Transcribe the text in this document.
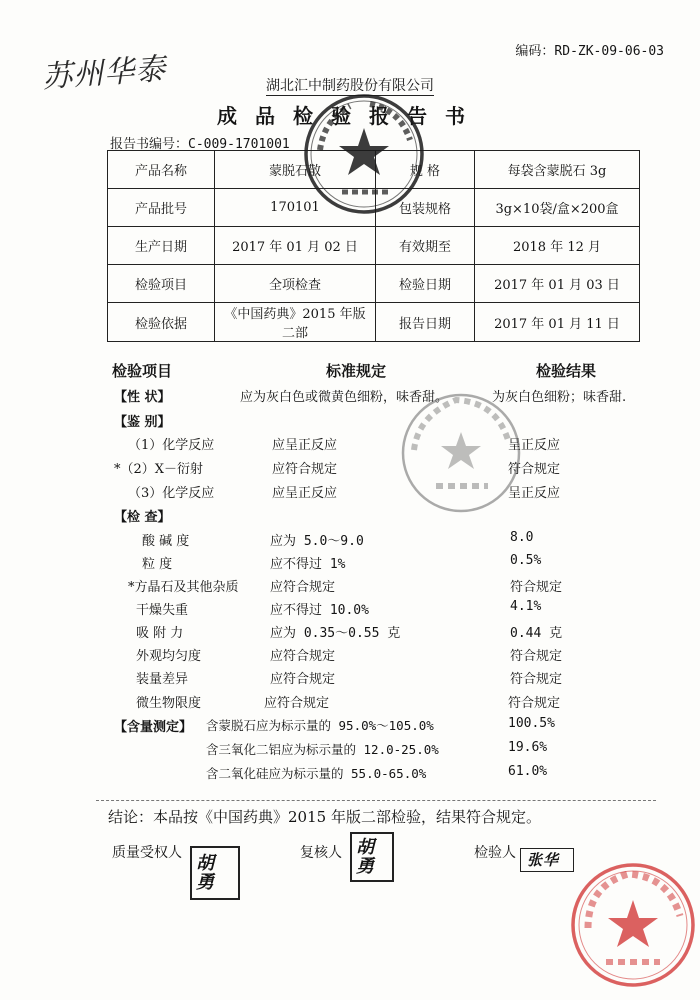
编码：RD-ZK-09-06-03
苏州华泰	湖北汇中制药股份有限公司
成品检验报告书
报告书编号：C-009-1701001
产品名称	蒙脱石散	规 格	每袋含蒙脱石 3g
产品批号	170101	包装规格	3g×10袋/盒×200盒
生产日期	2017 年 01 月 02 日	有效期至	2018 年 12 月
检验项目	全项检查	检验日期	2017 年 01 月 03 日
检验依据	《中国药典》2015 年版二部	报告日期	2017 年 01 月 11 日
检验项目	标准规定	检验结果
【性 状】	应为灰白色或微黄色细粉，味香甜。	为灰白色细粉；味香甜.
【鉴 别】
（1）化学反应	应呈正反应	呈正反应
*（2）X－衍射	应符合规定	符合规定
（3）化学反应	应呈正反应	呈正反应
【检 查】
酸 碱 度	应为 5.0～9.0	8.0
粒 度	应不得过 1%	0.5%
*方晶石及其他杂质 应符合规定	符合规定
干燥失重	应不得过 10.0%	4.1%
吸 附 力	应为 0.35～0.55 克	0.44 克
外观均匀度	应符合规定	符合规定
装量差异	应符合规定	符合规定
微生物限度	应符合规定	符合规定
【含量测定】 含蒙脱石应为标示量的 95.0%～105.0%	100.5%
含三氧化二铝应为标示量的 12.0-25.0%	19.6%
含二氧化硅应为标示量的 55.0-65.0%	61.0%
结论：本品按《中国药典》2015 年版二部检验，结果符合规定。
质量受权人 胡勇
复核人 胡勇
检验人 张华
